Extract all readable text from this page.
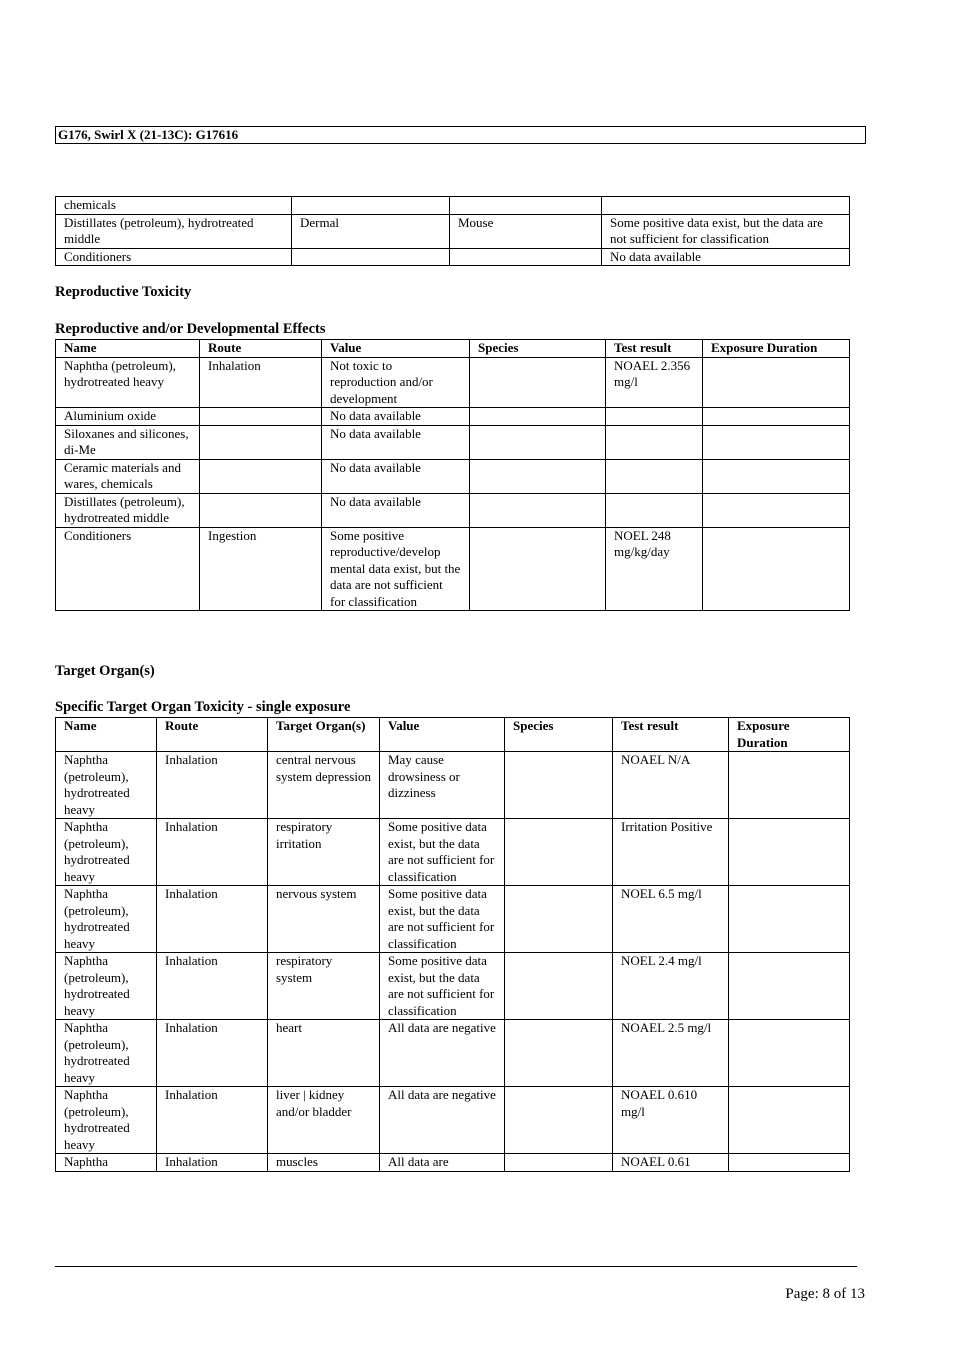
G176, Swirl X (21-13C): G17616
chemicals			
Distillates (petroleum), hydrotreated middle	Dermal	Mouse	Some positive data exist, but the data are not sufficient for classification
Conditioners			No data available
Reproductive Toxicity
Reproductive and/or Developmental Effects
Name	Route	Value	Species	Test result	Exposure Duration
Naphtha (petroleum), hydrotreated heavy	Inhalation	Not toxic to reproduction and/or development		NOAEL 2.356 mg/l	
Aluminium oxide		No data available			
Siloxanes and silicones, di-Me		No data available			
Ceramic materials and wares, chemicals		No data available			
Distillates (petroleum), hydrotreated middle		No data available			
Conditioners	Ingestion	Some positive reproductive/develop mental data exist, but the data are not sufficient for classification		NOEL 248 mg/kg/day	
Target Organ(s)
Specific Target Organ Toxicity - single exposure
Name	Route	Target Organ(s)	Value	Species	Test result	Exposure Duration
Naphtha (petroleum), hydrotreated heavy	Inhalation	central nervous system depression	May cause drowsiness or dizziness		NOAEL N/A	
Naphtha (petroleum), hydrotreated heavy	Inhalation	respiratory irritation	Some positive data exist, but the data are not sufficient for classification		Irritation Positive	
Naphtha (petroleum), hydrotreated heavy	Inhalation	nervous system	Some positive data exist, but the data are not sufficient for classification		NOEL 6.5 mg/l	
Naphtha (petroleum), hydrotreated heavy	Inhalation	respiratory system	Some positive data exist, but the data are not sufficient for classification		NOEL 2.4 mg/l	
Naphtha (petroleum), hydrotreated heavy	Inhalation	heart	All data are negative		NOAEL 2.5 mg/l	
Naphtha (petroleum), hydrotreated heavy	Inhalation	liver | kidney and/or bladder	All data are negative		NOAEL 0.610 mg/l	
Naphtha	Inhalation	muscles	All data are		NOAEL 0.61	
Page: 8 of 13
